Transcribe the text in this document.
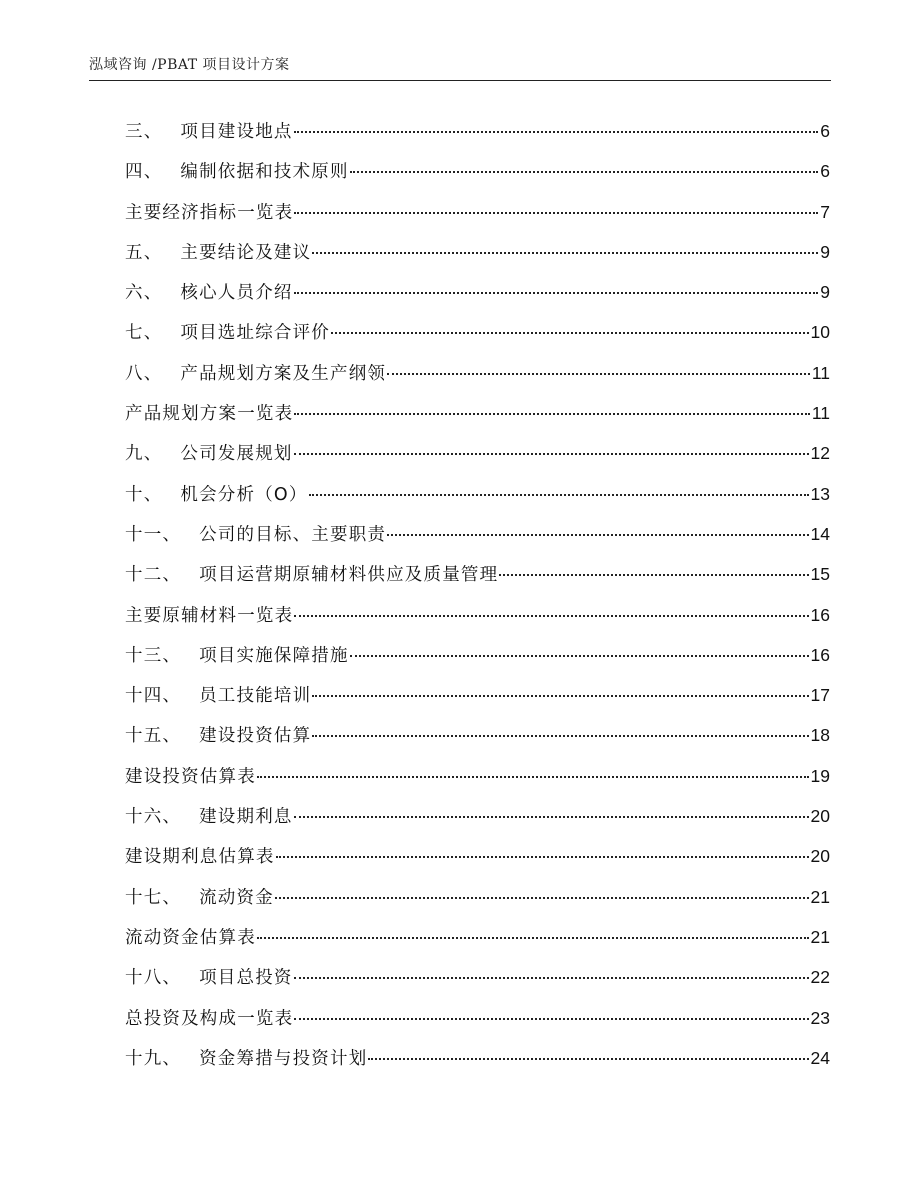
泓域咨询 /PBAT 项目设计方案
三、 项目建设地点	6
四、 编制依据和技术原则	6
主要经济指标一览表	7
五、 主要结论及建议	9
六、 核心人员介绍	9
七、 项目选址综合评价	10
八、 产品规划方案及生产纲领	11
产品规划方案一览表	11
九、 公司发展规划	12
十、 机会分析（O）	13
十一、 公司的目标、主要职责	14
十二、 项目运营期原辅材料供应及质量管理	15
主要原辅材料一览表	16
十三、 项目实施保障措施	16
十四、 员工技能培训	17
十五、 建设投资估算	18
建设投资估算表	19
十六、 建设期利息	20
建设期利息估算表	20
十七、 流动资金	21
流动资金估算表	21
十八、 项目总投资	22
总投资及构成一览表	23
十九、 资金筹措与投资计划	24
